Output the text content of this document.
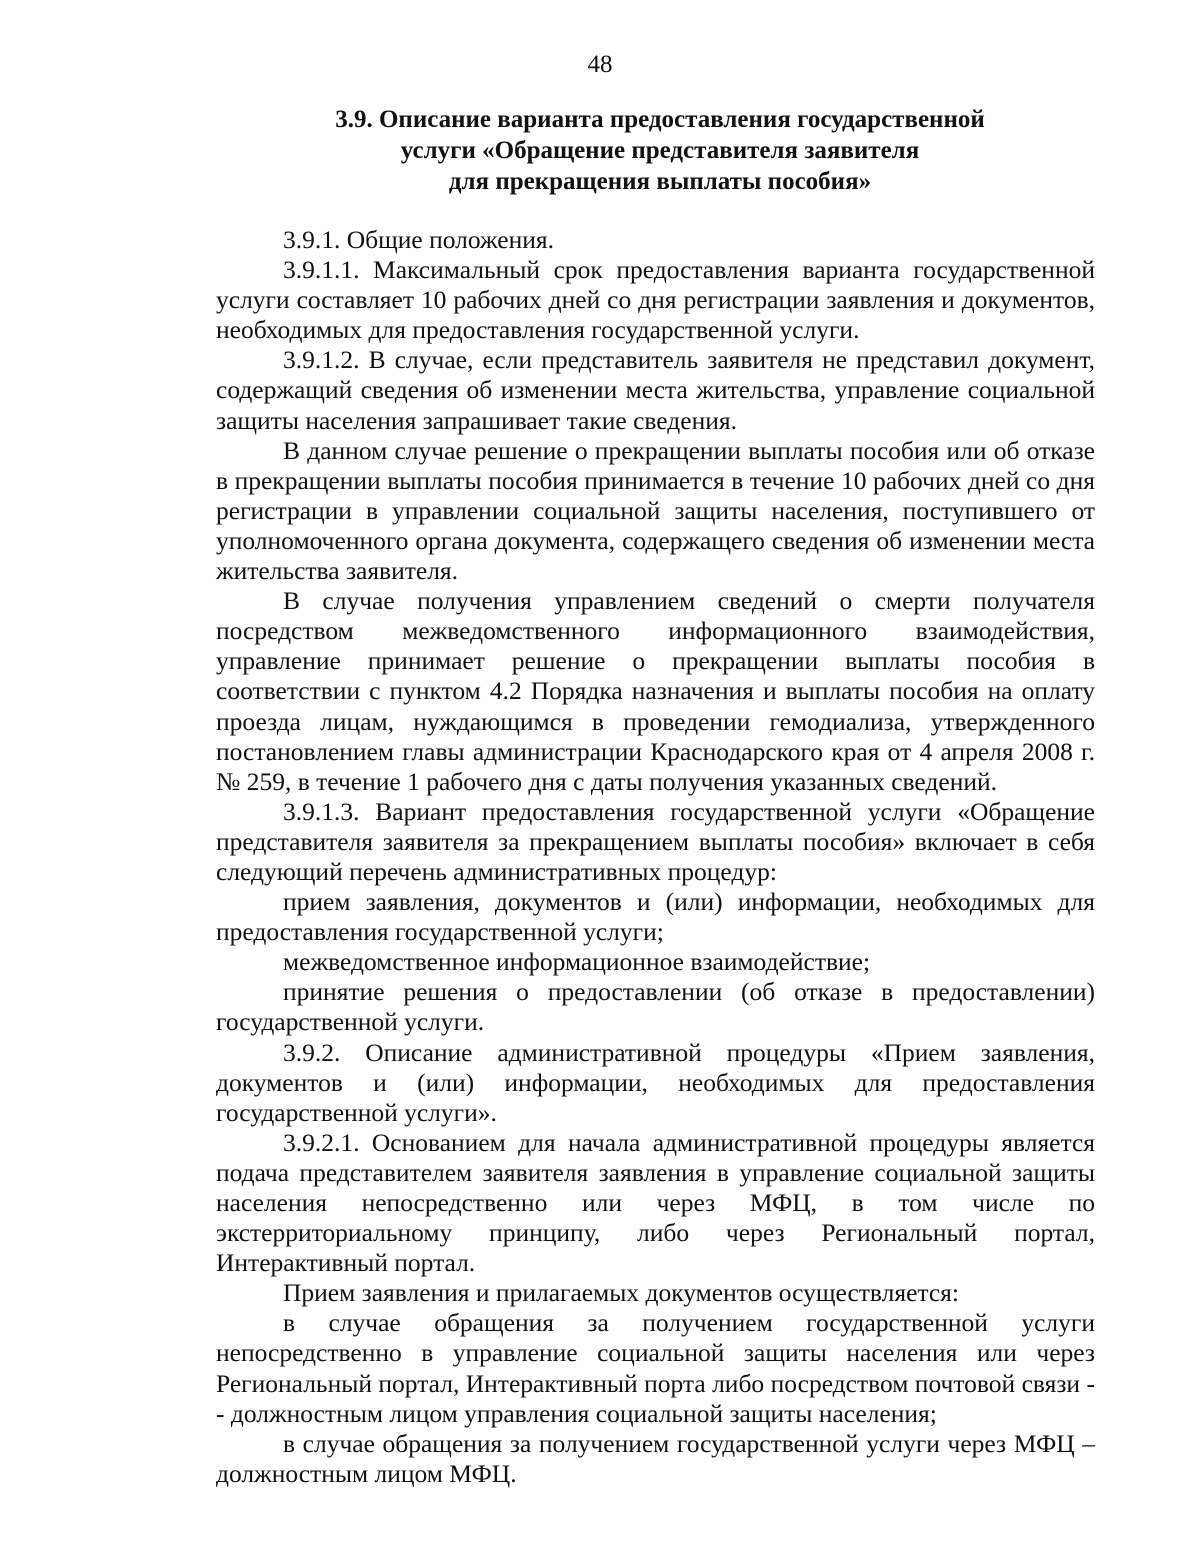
48
3.9. Описание варианта предоставления государственной
услуги «Обращение представителя заявителя
для прекращения выплаты пособия»

3.9.1. Общие положения.

3.9.1.1. Максимальный срок предоставления варианта государственной услуги составляет 10 рабочих дней со дня регистрации заявления и документов, необходимых для предоставления государственной услуги.

3.9.1.2. В случае, если представитель заявителя не представил документ, содержащий сведения об изменении места жительства, управление социальной защиты населения запрашивает такие сведения.

В данном случае решение о прекращении выплаты пособия или об отказе в прекращении выплаты пособия принимается в течение 10 рабочих дней со дня регистрации в управлении социальной защиты населения, поступившего от уполномоченного органа документа, содержащего сведения об изменении места жительства заявителя.

В случае получения управлением сведений о смерти получателя посредством межведомственного информационного взаимодействия, управление принимает решение о прекращении выплаты пособия в соответствии с пунктом 4.2 Порядка назначения и выплаты пособия на оплату проезда лицам, нуждающимся в проведении гемодиализа, утвержденного постановлением главы администрации Краснодарского края от 4 апреля 2008 г. № 259, в течение 1 рабочего дня с даты получения указанных сведений.

3.9.1.3. Вариант предоставления государственной услуги «Обращение представителя заявителя за прекращением выплаты пособия» включает в себя следующий перечень административных процедур:

прием заявления, документов и (или) информации, необходимых для предоставления государственной услуги;

межведомственное информационное взаимодействие;

принятие решения о предоставлении (об отказе в предоставлении) государственной услуги.

3.9.2. Описание административной процедуры «Прием заявления, документов и (или) информации, необходимых для предоставления государственной услуги».

3.9.2.1. Основанием для начала административной процедуры является подача представителем заявителя заявления в управление социальной защиты населения непосредственно или через МФЦ, в том числе по экстерриториальному принципу, либо через Региональный портал, Интерактивный портал.

Прием заявления и прилагаемых документов осуществляется:

в случае обращения за получением государственной услуги непосредственно в управление социальной защиты населения или через Региональный портал, Интерактивный порта либо посредством почтовой связи -- должностным лицом управления социальной защиты населения;

в случае обращения за получением государственной услуги через МФЦ – должностным лицом МФЦ.
